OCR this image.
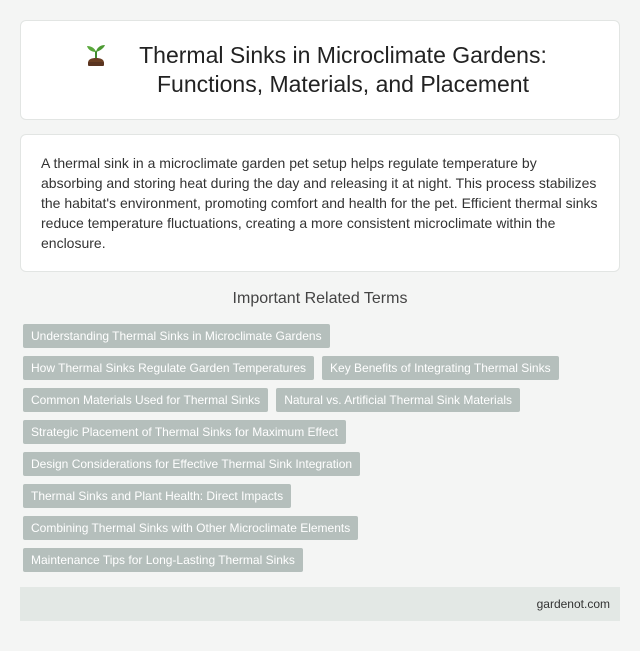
Thermal Sinks in Microclimate Gardens: Functions, Materials, and Placement

A thermal sink in a microclimate garden pet setup helps regulate temperature by absorbing and storing heat during the day and releasing it at night. This process stabilizes the habitat's environment, promoting comfort and health for the pet. Efficient thermal sinks reduce temperature fluctuations, creating a more consistent microclimate within the enclosure.

Important Related Terms
Understanding Thermal Sinks in Microclimate Gardens
How Thermal Sinks Regulate Garden Temperatures	Key Benefits of Integrating Thermal Sinks
Common Materials Used for Thermal Sinks	Natural vs. Artificial Thermal Sink Materials
Strategic Placement of Thermal Sinks for Maximum Effect
Design Considerations for Effective Thermal Sink Integration
Thermal Sinks and Plant Health: Direct Impacts
Combining Thermal Sinks with Other Microclimate Elements
Maintenance Tips for Long-Lasting Thermal Sinks
gardenot.com
